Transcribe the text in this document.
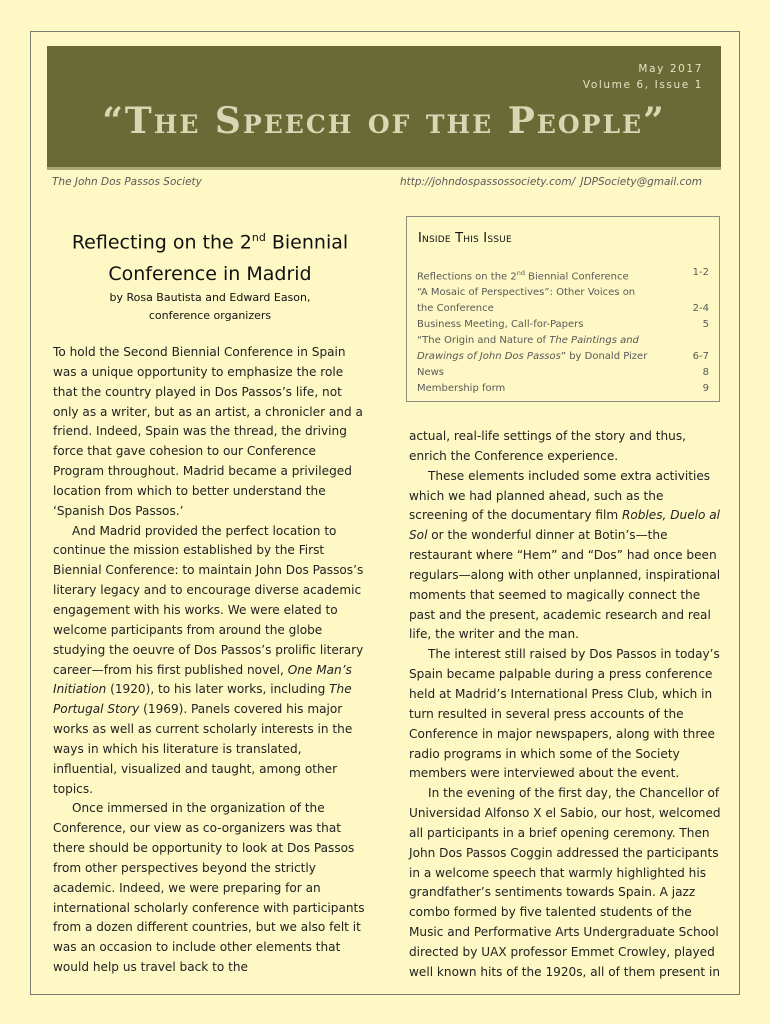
May 2017
Volume 6, Issue 1
“The Speech of the People”
The John Dos Passos Society	http://johndospassossociety.com/ JDPSociety@gmail.com
Reflecting on the 2nd Biennial
Conference in Madrid
by Rosa Bautista and Edward Eason,
conference organizers

To hold the Second Biennial Conference in Spain was a unique opportunity to emphasize the role that the country played in Dos Passos’s life, not only as a writer, but as an artist, a chronicler and a friend. Indeed, Spain was the thread, the driving force that gave cohesion to our Conference Program throughout. Madrid became a privileged location from which to better understand the ‘Spanish Dos Passos.’

And Madrid provided the perfect location to continue the mission established by the First Biennial Conference: to maintain John Dos Passos’s literary legacy and to encourage diverse academic engagement with his works. We were elated to welcome participants from around the globe studying the oeuvre of Dos Passos’s prolific literary career—from his first published novel, One Man’s Initiation (1920), to his later works, including The Portugal Story (1969). Panels covered his major works as well as current scholarly interests in the ways in which his literature is translated, influential, visualized and taught, among other topics.

Once immersed in the organization of the Conference, our view as co-organizers was that there should be opportunity to look at Dos Passos from other perspectives beyond the strictly academic. Indeed, we were preparing for an international scholarly conference with participants from a dozen different countries, but we also felt it was an occasion to include other elements that would help us travel back to the

Inside This Issue
Reflections on the 2nd Biennial Conference	1-2
“A Mosaic of Perspectives”: Other Voices on
the Conference	2-4
Business Meeting, Call-for-Papers	5
“The Origin and Nature of The Paintings and
Drawings of John Dos Passos” by Donald Pizer	6-7
News	8
Membership form	9

actual, real-life settings of the story and thus, enrich the Conference experience.

These elements included some extra activities which we had planned ahead, such as the screening of the documentary film Robles, Duelo al Sol or the wonderful dinner at Botin’s—the restaurant where “Hem” and “Dos” had once been regulars—along with other unplanned, inspirational moments that seemed to magically connect the past and the present, academic research and real life, the writer and the man.

The interest still raised by Dos Passos in today’s Spain became palpable during a press conference held at Madrid’s International Press Club, which in turn resulted in several press accounts of the Conference in major newspapers, along with three radio programs in which some of the Society members were interviewed about the event.

In the evening of the first day, the Chancellor of Universidad Alfonso X el Sabio, our host, welcomed all participants in a brief opening ceremony. Then John Dos Passos Coggin addressed the participants in a welcome speech that warmly highlighted his grandfather’s sentiments towards Spain. A jazz combo formed by five talented students of the Music and Performative Arts Undergraduate School directed by UAX professor Emmet Crowley, played well known hits of the 1920s, all of them present in
